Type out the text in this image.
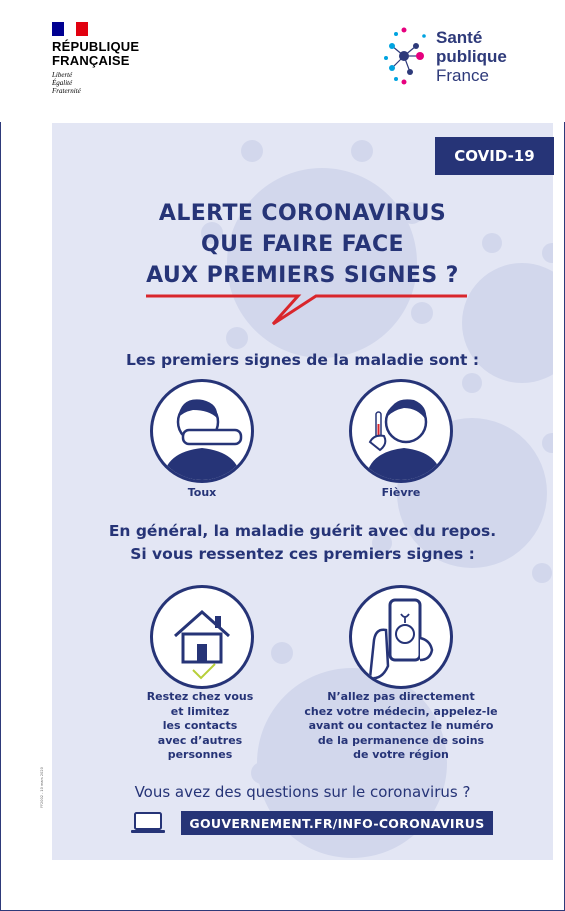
RÉPUBLIQUE
FRANÇAISE
Liberté
Égalité
Fraternité
Santé
publique
France
COVID-19
ALERTE CORONAVIRUS
QUE FAIRE FACE
AUX PREMIERS SIGNES ?
Les premiers signes de la maladie sont :
Toux	Fièvre
En général, la maladie guérit avec du repos.
Si vous ressentez ces premiers signes :
Restez chez vous
et limitez
les contacts
avec d’autres
personnes
N’allez pas directement
chez votre médecin, appelez-le
avant ou contactez le numéro
de la permanence de soins
de votre région
Vous avez des questions sur le coronavirus ?
GOUVERNEMENT.FR/INFO-CORONAVIRUS
FF2002 - 10 mars 2020
